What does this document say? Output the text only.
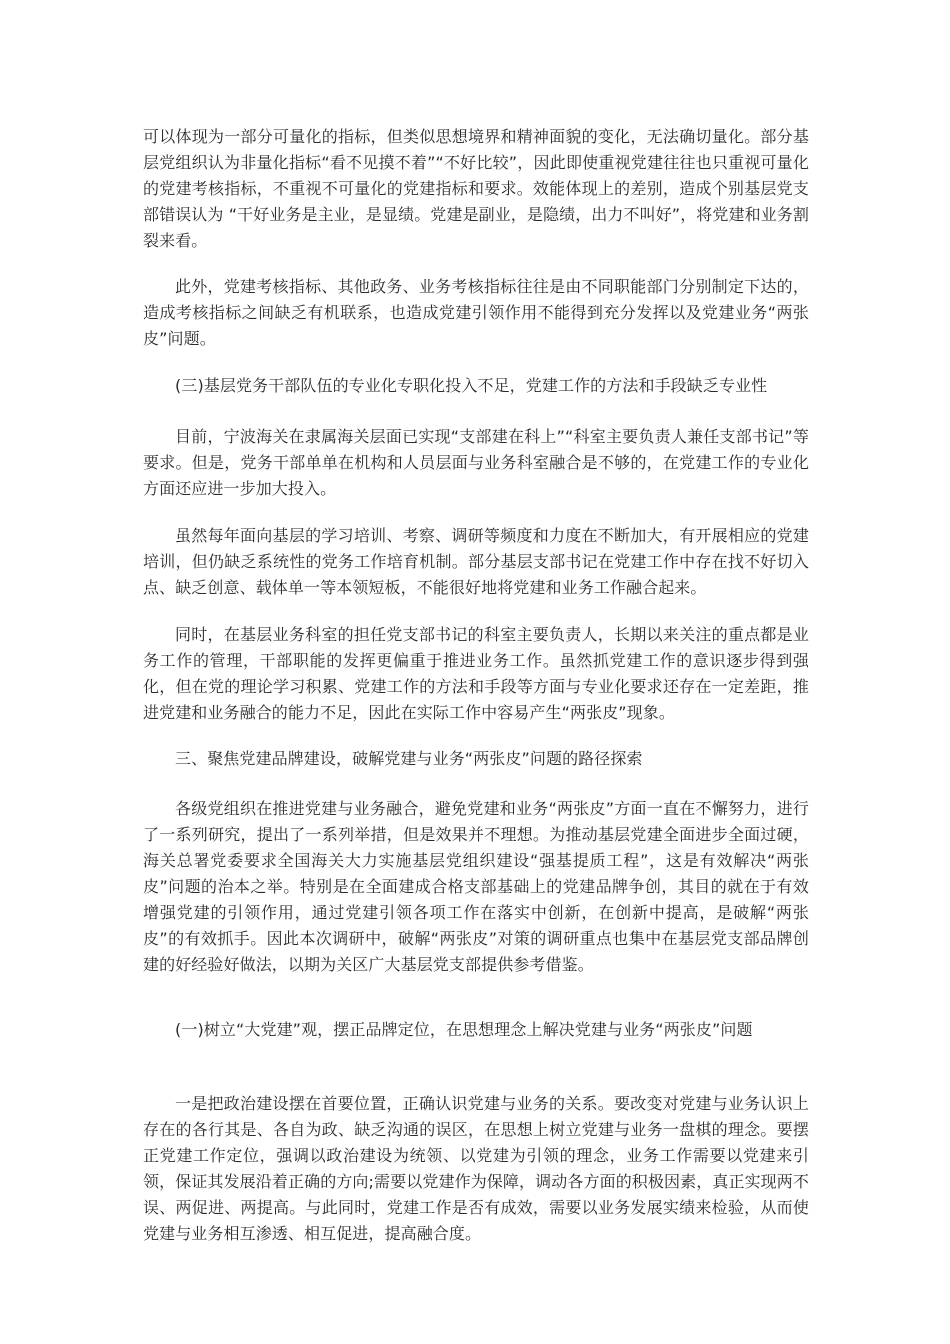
可以体现为一部分可量化的指标，但类似思想境界和精神面貌的变化，无法确切量化。部分基层党组织认为非量化指标“看不见摸不着”“不好比较”，因此即使重视党建往往也只重视可量化的党建考核指标，不重视不可量化的党建指标和要求。效能体现上的差别，造成个别基层党支部错误认为 “干好业务是主业，是显绩。党建是副业，是隐绩，出力不叫好”，将党建和业务割裂来看。

此外，党建考核指标、其他政务、业务考核指标往往是由不同职能部门分别制定下达的，造成考核指标之间缺乏有机联系，也造成党建引领作用不能得到充分发挥以及党建业务“两张皮”问题。

(三)基层党务干部队伍的专业化专职化投入不足，党建工作的方法和手段缺乏专业性

目前，宁波海关在隶属海关层面已实现“支部建在科上”“科室主要负责人兼任支部书记”等要求。但是，党务干部单单在机构和人员层面与业务科室融合是不够的，在党建工作的专业化方面还应进一步加大投入。

虽然每年面向基层的学习培训、考察、调研等频度和力度在不断加大，有开展相应的党建培训，但仍缺乏系统性的党务工作培育机制。部分基层支部书记在党建工作中存在找不好切入点、缺乏创意、载体单一等本领短板，不能很好地将党建和业务工作融合起来。

同时，在基层业务科室的担任党支部书记的科室主要负责人，长期以来关注的重点都是业务工作的管理，干部职能的发挥更偏重于推进业务工作。虽然抓党建工作的意识逐步得到强化，但在党的理论学习积累、党建工作的方法和手段等方面与专业化要求还存在一定差距，推进党建和业务融合的能力不足，因此在实际工作中容易产生“两张皮”现象。

三、聚焦党建品牌建设，破解党建与业务“两张皮”问题的路径探索

各级党组织在推进党建与业务融合，避免党建和业务“两张皮”方面一直在不懈努力，进行了一系列研究，提出了一系列举措，但是效果并不理想。为推动基层党建全面进步全面过硬，海关总署党委要求全国海关大力实施基层党组织建设“强基提质工程”，这是有效解决“两张皮”问题的治本之举。特别是在全面建成合格支部基础上的党建品牌争创，其目的就在于有效增强党建的引领作用，通过党建引领各项工作在落实中创新，在创新中提高，是破解“两张皮”的有效抓手。因此本次调研中，破解“两张皮”对策的调研重点也集中在基层党支部品牌创建的好经验好做法，以期为关区广大基层党支部提供参考借鉴。

(一)树立“大党建”观，摆正品牌定位，在思想理念上解决党建与业务“两张皮”问题

一是把政治建设摆在首要位置，正确认识党建与业务的关系。要改变对党建与业务认识上存在的各行其是、各自为政、缺乏沟通的误区，在思想上树立党建与业务一盘棋的理念。要摆正党建工作定位，强调以政治建设为统领、以党建为引领的理念，业务工作需要以党建来引领，保证其发展沿着正确的方向;需要以党建作为保障，调动各方面的积极因素，真正实现两不误、两促进、两提高。与此同时，党建工作是否有成效，需要以业务发展实绩来检验，从而使党建与业务相互渗透、相互促进，提高融合度。
